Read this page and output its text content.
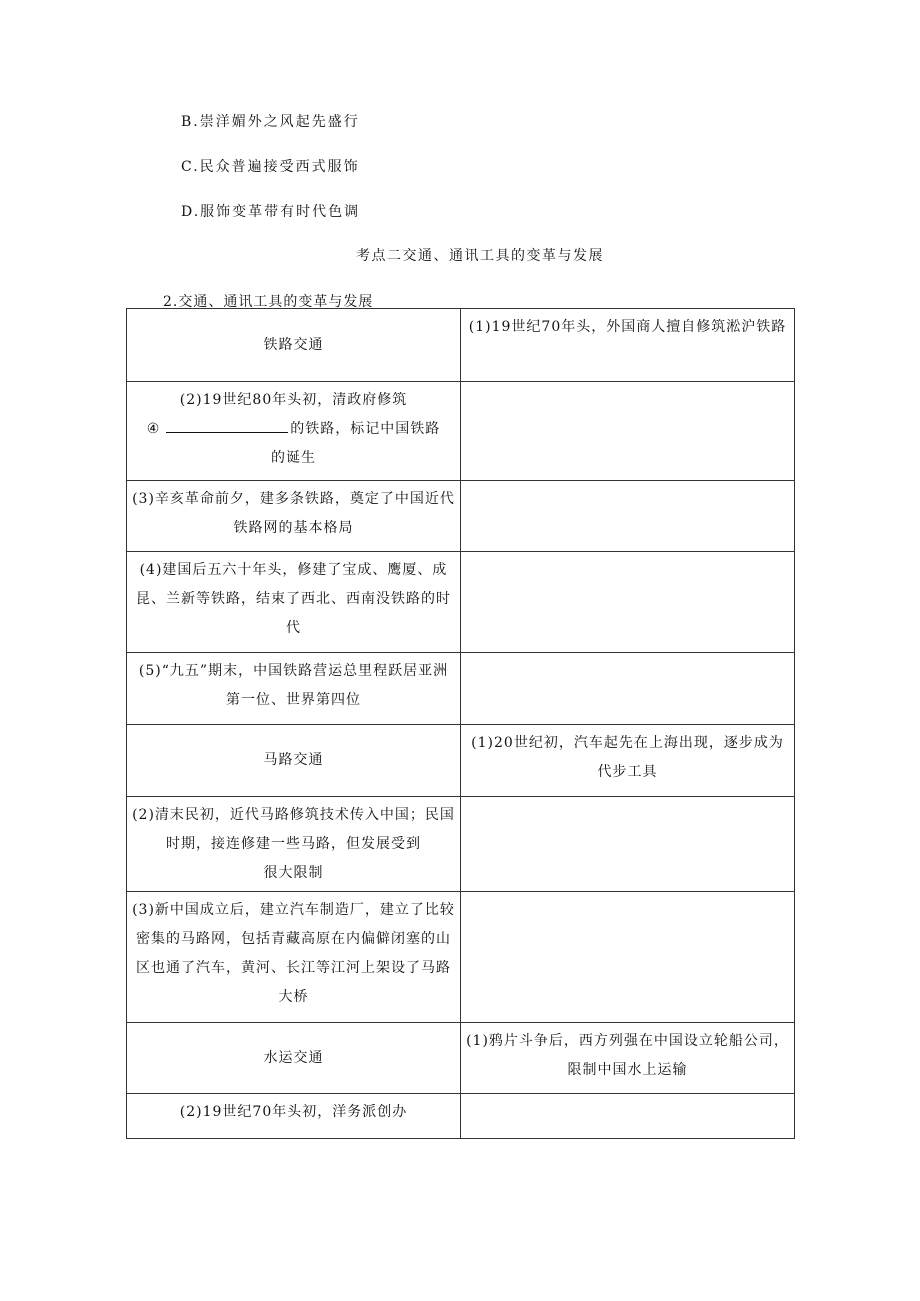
B.崇洋媚外之风起先盛行
C.民众普遍接受西式服饰
D.服饰变革带有时代色调
考点二交通、通讯工具的变革与发展
2.交通、通讯工具的变革与发展
铁路交通	(1)19世纪70年头，外国商人擅自修筑淞沪铁路

(2)19世纪80年头初，清政府修筑
④ 的铁路，标记中国铁路
的诞生	

(3)辛亥革命前夕，建多条铁路，奠定了中国近代
铁路网的基本格局	

(4)建国后五六十年头，修建了宝成、鹰厦、成
昆、兰新等铁路，结束了西北、西南没铁路的时
代	

(5)“九五”期末，中国铁路营运总里程跃居亚洲
第一位、世界第四位	

马路交通	(1)20世纪初，汽车起先在上海出现，逐步成为
代步工具

(2)清末民初，近代马路修筑技术传入中国；民国
时期，接连修建一些马路，但发展受到
很大限制	

(3)新中国成立后，建立汽车制造厂，建立了比较
密集的马路网，包括青藏高原在内偏僻闭塞的山
区也通了汽车，黄河、长江等江河上架设了马路
大桥	

水运交通	(1)鸦片斗争后，西方列强在中国设立轮船公司，
限制中国水上运输

(2)19世纪70年头初，洋务派创办	
